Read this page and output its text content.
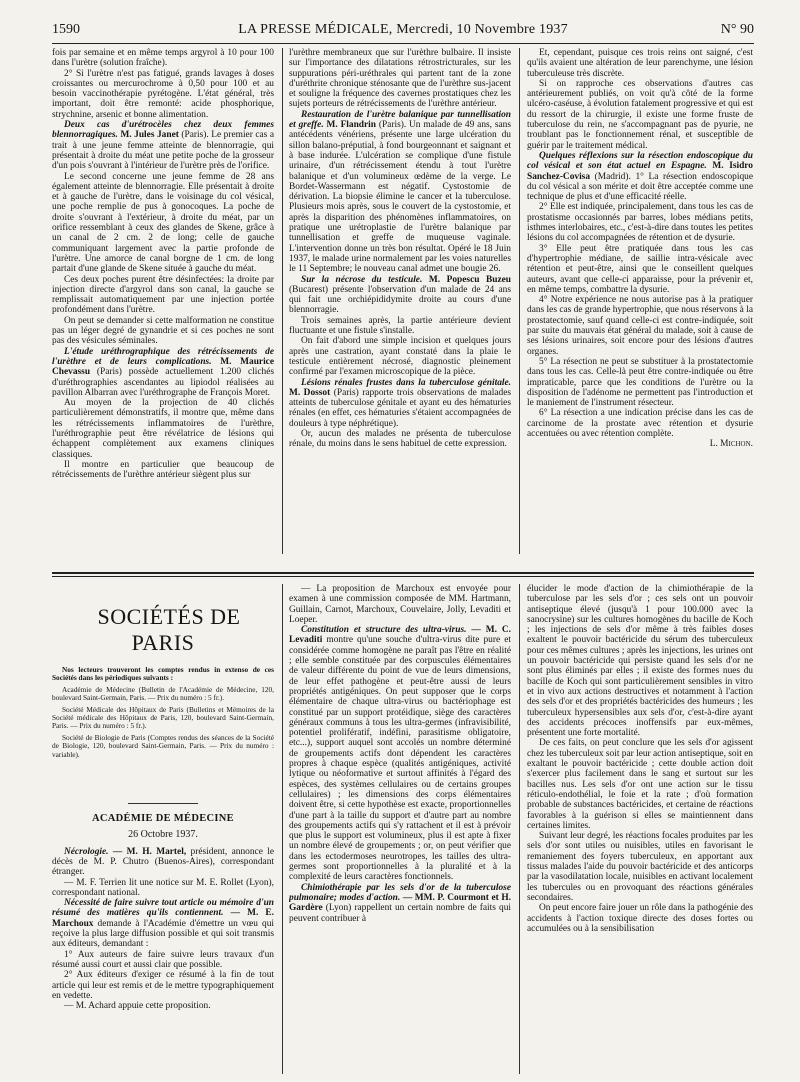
1590	LA PRESSE MÉDICALE, Mercredi, 10 Novembre 1937	N° 90

fois par semaine et en même temps argyrol à 10 pour 100 dans l'urètre (solution fraîche).

2° Si l'urètre n'est pas fatigué, grands lavages à doses croissantes ou mercurochrome à 0,50 pour 100 et au besoin vaccinothérapie pyrétogène. L'état général, très important, doit être remonté: acide phosphorique, strychnine, arsenic et bonne alimentation.

Deux cas d'urétrocèles chez deux femmes blennorragiques. M. Jules Janet (Paris). Le premier cas a trait à une jeune femme atteinte de blennorragie, qui présentait à droite du méat une petite poche de la grosseur d'un pois s'ouvrant à l'intérieur de l'urètre près de l'orifice.

Le second concerne une jeune femme de 28 ans également atteinte de blennorragie. Elle présentait à droite et à gauche de l'urètre, dans le voisinage du col vésical, une poche remplie de pus à gonocoques. La poche de droite s'ouvrant à l'extérieur, à droite du méat, par un orifice ressemblant à ceux des glandes de Skene, grâce à un canal de 2 cm. 2 de long; celle de gauche communiquant largement avec la partie profonde de l'urètre. Une amorce de canal borgne de 1 cm. de long partait d'une glande de Skene située à gauche du méat.

Ces deux poches purent être désinfectées: la droite par injection directe d'argyrol dans son canal, la gauche se remplissait automatiquement par une injection portée profondément dans l'urètre.

On peut se demander si cette malformation ne constitue pas un léger degré de gynandrie et si ces poches ne sont pas des vésicules séminales.

L'étude uréthrographique des rétrécissements de l'urèthre et de leurs complications. M. Maurice Chevassu (Paris) possède actuellement 1.200 clichés d'uréthrographies ascendantes au lipiodol réalisées au pavillon Albarran avec l'uréthrographe de François Moret.

Au moyen de la projection de 40 clichés particulièrement démonstratifs, il montre que, même dans les rétrécissements inflammatoires de l'urèthre, l'uréthrographie peut être révélatrice de lésions qui échappent complètement aux examens cliniques classiques.

Il montre en particulier que beaucoup de rétrécissements de l'urèthre antérieur siègent plus sur

l'urèthre membraneux que sur l'urèthre bulbaire. Il insiste sur l'importance des dilatations rétrostricturales, sur les suppurations péri-uréthrales qui partent tant de la zone d'uréthrite chronique sténosante que de l'urèthre sus-jacent et souligne la fréquence des cavernes prostatiques chez les sujets porteurs de rétrécissements de l'urèthre antérieur.

Restauration de l'urètre balanique par tunnellisation et greffe. M. Flandrin (Paris). Un malade de 49 ans, sans antécédents vénériens, présente une large ulcération du sillon balano-préputial, à fond bourgeonnant et saignant et à base indurée. L'ulcération se complique d'une fistule urinaire, d'un rétrécissement étendu à tout l'urètre balanique et d'un volumineux œdème de la verge. Le Bordet-Wassermann est négatif. Cystostomie de dérivation. La biopsie élimine le cancer et la tuberculose. Plusieurs mois après, sous le couvert de la cystostomie, et après la disparition des phénomènes inflammatoires, on pratique une urétroplastie de l'urètre balanique par tunnellisation et greffe de muqueuse vaginale. L'intervention donne un très bon résultat. Opéré le 18 Juin 1937, le malade urine normalement par les voies naturelles le 11 Septembre; le nouveau canal admet une bougie 26.

Sur la nécrose du testicule. M. Popescu Buzeu (Bucarest) présente l'observation d'un malade de 24 ans qui fait une orchiépididymite droite au cours d'une blennorragie.

Trois semaines après, la partie antérieure devient fluctuante et une fistule s'installe.

On fait d'abord une simple incision et quelques jours après une castration, ayant constaté dans la plaie le testicule entièrement nécrosé, diagnostic pleinement confirmé par l'examen microscopique de la pièce.

Lésions rénales frustes dans la tuberculose génitale. M. Dossot (Paris) rapporte trois observations de malades atteints de tuberculose génitale et ayant eu des hématuries rénales (en effet, ces hématuries s'étaient accompagnées de douleurs à type néphrétique).

Or, aucun des malades ne présenta de tuberculose rénale, du moins dans le sens habituel de cette expression.

Et, cependant, puisque ces trois reins ont saigné, c'est qu'ils avaient une altération de leur parenchyme, une lésion tuberculeuse très discrète.

Si on rapproche ces observations d'autres cas antérieurement publiés, on voit qu'à côté de la forme ulcéro-caséuse, à évolution fatalement progressive et qui est du ressort de la chirurgie, il existe une forme fruste de tuberculose du rein, ne s'accompagnant pas de pyurie, ne troublant pas le fonctionnement rénal, et susceptible de guérir par le traitement médical.

Quelques réflexions sur la résection endoscopique du col vésical et son état actuel en Espagne. M. Isidro Sanchez-Covisa (Madrid). 1° La résection endoscopique du col vésical a son mérite et doit être acceptée comme une technique de plus et d'une efficacité réelle.

2° Elle est indiquée, principalement, dans tous les cas de prostatisme occasionnés par barres, lobes médians petits, isthmes interlobaires, etc., c'est-à-dire dans toutes les petites lésions du col accompagnées de rétention et de dysurie.

3° Elle peut être pratiquée dans tous les cas d'hypertrophie médiane, de saillie intra-vésicale avec rétention et peut-être, ainsi que le conseillent quelques auteurs, avant que celle-ci apparaisse, pour la prévenir et, en même temps, combattre la dysurie.

4° Notre expérience ne nous autorise pas à la pratiquer dans les cas de grande hypertrophie, que nous réservons à la prostatectomie, sauf quand celle-ci est contre-indiquée, soit par suite du mauvais état général du malade, soit à cause de ses lésions urinaires, soit encore pour des lésions d'autres organes.

5° La résection ne peut se substituer à la prostatectomie dans tous les cas. Celle-là peut être contre-indiquée ou être impraticable, parce que les conditions de l'urètre ou la disposition de l'adénome ne permettent pas l'introduction et le maniement de l'instrument résecteur.

6° La résection a une indication précise dans les cas de carcinome de la prostate avec rétention et dysurie accentuées ou avec rétention complète.

L. Michon.

SOCIÉTÉS DE PARIS

Nos lecteurs trouveront les comptes rendus in extenso de ces Sociétés dans les périodiques suivants :

Académie de Médecine (Bulletin de l'Académie de Médecine, 120, boulevard Saint-Germain, Paris. — Prix du numéro : 5 fr.).

Société Médicale des Hôpitaux de Paris (Bulletins et Mémoires de la Société médicale des Hôpitaux de Paris, 120, boulevard Saint-Germain, Paris. — Prix du numéro : 5 fr.).

Société de Biologie de Paris (Comptes rendus des séances de la Société de Biologie, 120, boulevard Saint-Germain, Paris. — Prix du numéro : variable).

ACADÉMIE DE MÉDECINE
26 Octobre 1937.

Nécrologie. — M. H. Martel, président, annonce le décès de M. P. Chutro (Buenos-Aires), correspondant étranger.

— M. F. Terrien lit une notice sur M. E. Rollet (Lyon), correspondant national.

Nécessité de faire suivre tout article ou mémoire d'un résumé des matières qu'ils contiennent. — M. E. Marchoux demande à l'Académie d'émettre un vœu qui reçoive la plus large diffusion possible et qui soit transmis aux éditeurs, demandant :

1° Aux auteurs de faire suivre leurs travaux d'un résumé aussi court et aussi clair que possible.

2° Aux éditeurs d'exiger ce résumé à la fin de tout article qui leur est remis et de le mettre typographiquement en vedette.

— M. Achard appuie cette proposition.

— La proposition de Marchoux est envoyée pour examen à une commission composée de MM. Hartmann, Guillain, Carnot, Marchoux, Couvelaire, Jolly, Levaditi et Loeper.

Constitution et structure des ultra-virus. — M. C. Levaditi montre qu'une souche d'ultra-virus dite pure et considérée comme homogène ne paraît pas l'être en réalité ; elle semble constituée par des corpuscules élémentaires de valeur différente du point de vue de leurs dimensions, de leur effet pathogène et peut-être aussi de leurs propriétés antigéniques. On peut supposer que le corps élémentaire de chaque ultra-virus ou bactériophage est constitué par un support protéidique, siège des caractères généraux communs à tous les ultra-germes (infravisibilité, potentiel prolifératif, indéfini, parasitisme obligatoire, etc...), support auquel sont accolés un nombre déterminé de groupements actifs dont dépendent les caractères propres à chaque espèce (qualités antigéniques, activité lytique ou néoformative et surtout affinités à l'égard des espèces, des systèmes cellulaires ou de certains groupes cellulaires) ; les dimensions des corps élémentaires doivent être, si cette hypothèse est exacte, proportionnelles d'une part à la taille du support et d'autre part au nombre des groupements actifs qui s'y rattachent et il est à prévoir que plus le support est volumineux, plus il est apte à fixer un nombre élevé de groupements ; or, on peut vérifier que dans les ectodermoses neurotropes, les tailles des ultra-germes sont proportionnelles à la pluralité et à la complexité de leurs caractères fonctionnels.

Chimiothérapie par les sels d'or de la tuberculose pulmonaire; modes d'action. — MM. P. Courmont et H. Gardère (Lyon) rappellent un certain nombre de faits qui peuvent contribuer à

élucider le mode d'action de la chimiothérapie de la tuberculose par les sels d'or ; ces sels ont un pouvoir antiseptique élevé (jusqu'à 1 pour 100.000 avec la sanocrysine) sur les cultures homogènes du bacille de Koch ; les injections de sels d'or même à très faibles doses exaltent le pouvoir bactéricide du sérum des tuberculeux pour ces mêmes cultures ; après les injections, les urines ont un pouvoir bactéricide qui persiste quand les sels d'or ne sont plus éliminés par elles ; il existe des formes nues du bacille de Koch qui sont particulièrement sensibles in vitro et in vivo aux actions destructives et notamment à l'action des sels d'or et des propriétés bactéricides des humeurs ; les tuberculeux hypersensibles aux sels d'or, c'est-à-dire ayant des accidents précoces inoffensifs par eux-mêmes, présentent une forte mortalité.

De ces faits, on peut conclure que les sels d'or agissent chez les tuberculeux soit par leur action antiseptique, soit en exaltant le pouvoir bactéricide ; cette double action doit s'exercer plus facilement dans le sang et surtout sur les bacilles nus. Les sels d'or ont une action sur le tissu réticulo-endothélial, le foie et la rate ; d'où formation probable de substances bactéricides, et certaine de réactions favorables à la guérison si elles se maintiennent dans certaines limites.

Suivant leur degré, les réactions focales produites par les sels d'or sont utiles ou nuisibles, utiles en favorisant le remaniement des foyers tuberculeux, en apportant aux tissus malades l'aide du pouvoir bactéricide et des anticorps par la vasodilatation locale, nuisibles en activant localement les tubercules ou en provoquant des réactions générales secondaires.

On peut encore faire jouer un rôle dans la pathogénie des accidents à l'action toxique directe des doses fortes ou accumulées ou à la sensibilisation
